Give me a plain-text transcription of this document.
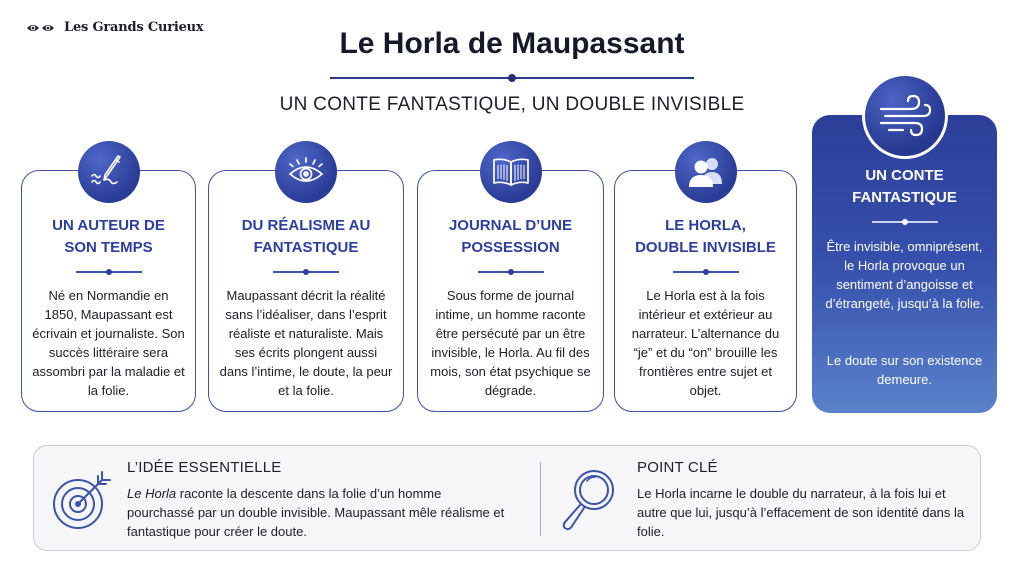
Les Grands Curieux	Le Horla de Maupassant
UN CONTE FANTASTIQUE, UN DOUBLE INVISIBLE
UN AUTEUR DE
SON TEMPS
Né en Normandie en 1850, Maupassant est écrivain et journaliste. Son succès littéraire sera assombri par la maladie et la folie.
DU RÉALISME AU
FANTASTIQUE
Maupassant décrit la réalité sans l’idéaliser, dans l’esprit réaliste et naturaliste. Mais ses écrits plongent aussi dans l’intime, le doute, la peur et la folie.
JOURNAL D’UNE
POSSESSION
Sous forme de journal intime, un homme raconte être persécuté par un être invisible, le Horla. Au fil des mois, son état psychique se dégrade.
LE HORLA,
DOUBLE INVISIBLE
Le Horla est à la fois intérieur et extérieur au narrateur. L’alternance du “je” et du “on” brouille les frontières entre sujet et objet.
UN CONTE
FANTASTIQUE
Être invisible, omniprésent, le Horla provoque un sentiment d’angoisse et d’étrangeté, jusqu’à la folie.
Le doute sur son existence demeure.
L’IDÉE ESSENTIELLE
Le Horla raconte la descente dans la folie d’un homme pourchassé par un double invisible. Maupassant mêle réalisme et fantastique pour créer le doute.
POINT CLÉ
Le Horla incarne le double du narrateur, à la fois lui et autre que lui, jusqu’à l’effacement de son identité dans la folie.
